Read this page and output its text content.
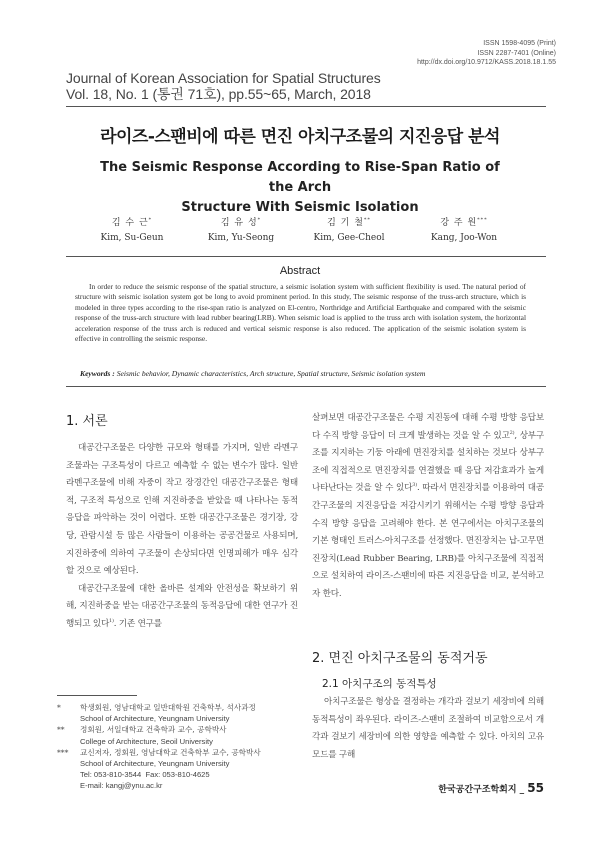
ISSN 1598-4095 (Print)
ISSN 2287-7401 (Online)
http://dx.doi.org/10.9712/KASS.2018.18.1.55
Journal of Korean Association for Spatial Structures
Vol. 18, No. 1 (통권 71호), pp.55~65, March, 2018
라이즈-스팬비에 따른 면진 아치구조물의 지진응답 분석
The Seismic Response According to Rise-Span Ratio of the Arch
Structure With Seismic Isolation
김 수 근*
Kim, Su-Geun
김 유 성*
Kim, Yu-Seong
김 기 철**
Kim, Gee-Cheol
강 주 원***
Kang, Joo-Won
Abstract
In order to reduce the seismic response of the spatial structure, a seismic isolation system with sufficient flexibility is used. The natural period of structure with seismic isolation system got be long to avoid prominent period. In this study, The seismic response of the truss-arch structure, which is modeled in three types according to the rise-span ratio is analyzed on El-centro, Northridge and Artificial Earthquake and compared with the seismic response of the truss-arch structure with lead rubber bearing(LRB). When seismic load is applied to the truss arch with isolation system, the horizontal acceleration response of the truss arch is reduced and vertical seismic response is also reduced. The application of the seismic isolation system is effective in controlling the seismic response.
Keywords : Seismic behavior, Dynamic characteristics, Arch structure, Spatial structure, Seismic isolation system
1. 서론

대공간구조물은 다양한 규모와 형태를 가지며, 일반 라멘구조물과는 구조특성이 다르고 예측할 수 없는 변수가 많다. 일반 라멘구조물에 비해 자중이 작고 장경간인 대공간구조물은 형태적, 구조적 특성으로 인해 지진하중을 받았을 때 나타나는 동적응답을 파악하는 것이 어렵다. 또한 대공간구조물은 경기장, 강당, 관람시설 등 많은 사람들이 이용하는 공공건물로 사용되며, 지진하중에 의하여 구조물이 손상되다면 인명피해가 매우 심각할 것으로 예상된다.

대공간구조물에 대한 올바른 설계와 안전성을 확보하기 위해, 지진하중을 받는 대공간구조물의 동적응답에 대한 연구가 진행되고 있다$^{1)}$. 기존 연구를

*	학생회원, 영남대학교 일반대학원 건축학부, 석사과정
School of Architecture, Yeungnam University
**	정회원, 서일대학교 건축학과 교수, 공학박사
College of Architecture, Seoil University
***	교신저자, 정회원, 영남대학교 건축학부 교수, 공학박사
School of Architecture, Yeungnam University
Tel: 053-810-3544 Fax: 053-810-4625
E-mail: kangj@ynu.ac.kr

살펴보면 대공간구조물은 수평 지진동에 대해 수평 방향 응답보다 수직 방향 응답이 더 크게 발생하는 것을 알 수 있고$^{2)}$, 상부구조를 지지하는 기둥 아래에 면진장치를 설치하는 것보다 상부구조에 직접적으로 면진장치를 연결했을 때 응답 저감효과가 높게 나타난다는 것을 알 수 있다$^{3)}$. 따라서 면진장치를 이용하여 대공간구조물의 지진응답을 저감시키기 위해서는 수평 방향 응답과 수직 방향 응답을 고려해야 한다. 본 연구에서는 아치구조물의 기본 형태인 트러스-아치구조를 선정했다. 면진장치는 납-고무면진장치(Lead Rubber Bearing, LRB)를 아치구조물에 직접적으로 설치하여 라이즈-스팬비에 따른 지진응답을 비교, 분석하고자 한다.

2. 면진 아치구조물의 동적거동
2.1 아치구조의 동적특성

아치구조물은 형상을 결정하는 개각과 걸보기 세장비에 의해 동적특성이 좌우된다. 라이즈-스팬비 조절하여 비교함으로서 개각과 걸보기 세장비에 의한 영향을 예측할 수 있다. 아치의 고유모드를 구해

한국공간구조학회지 _ 55
